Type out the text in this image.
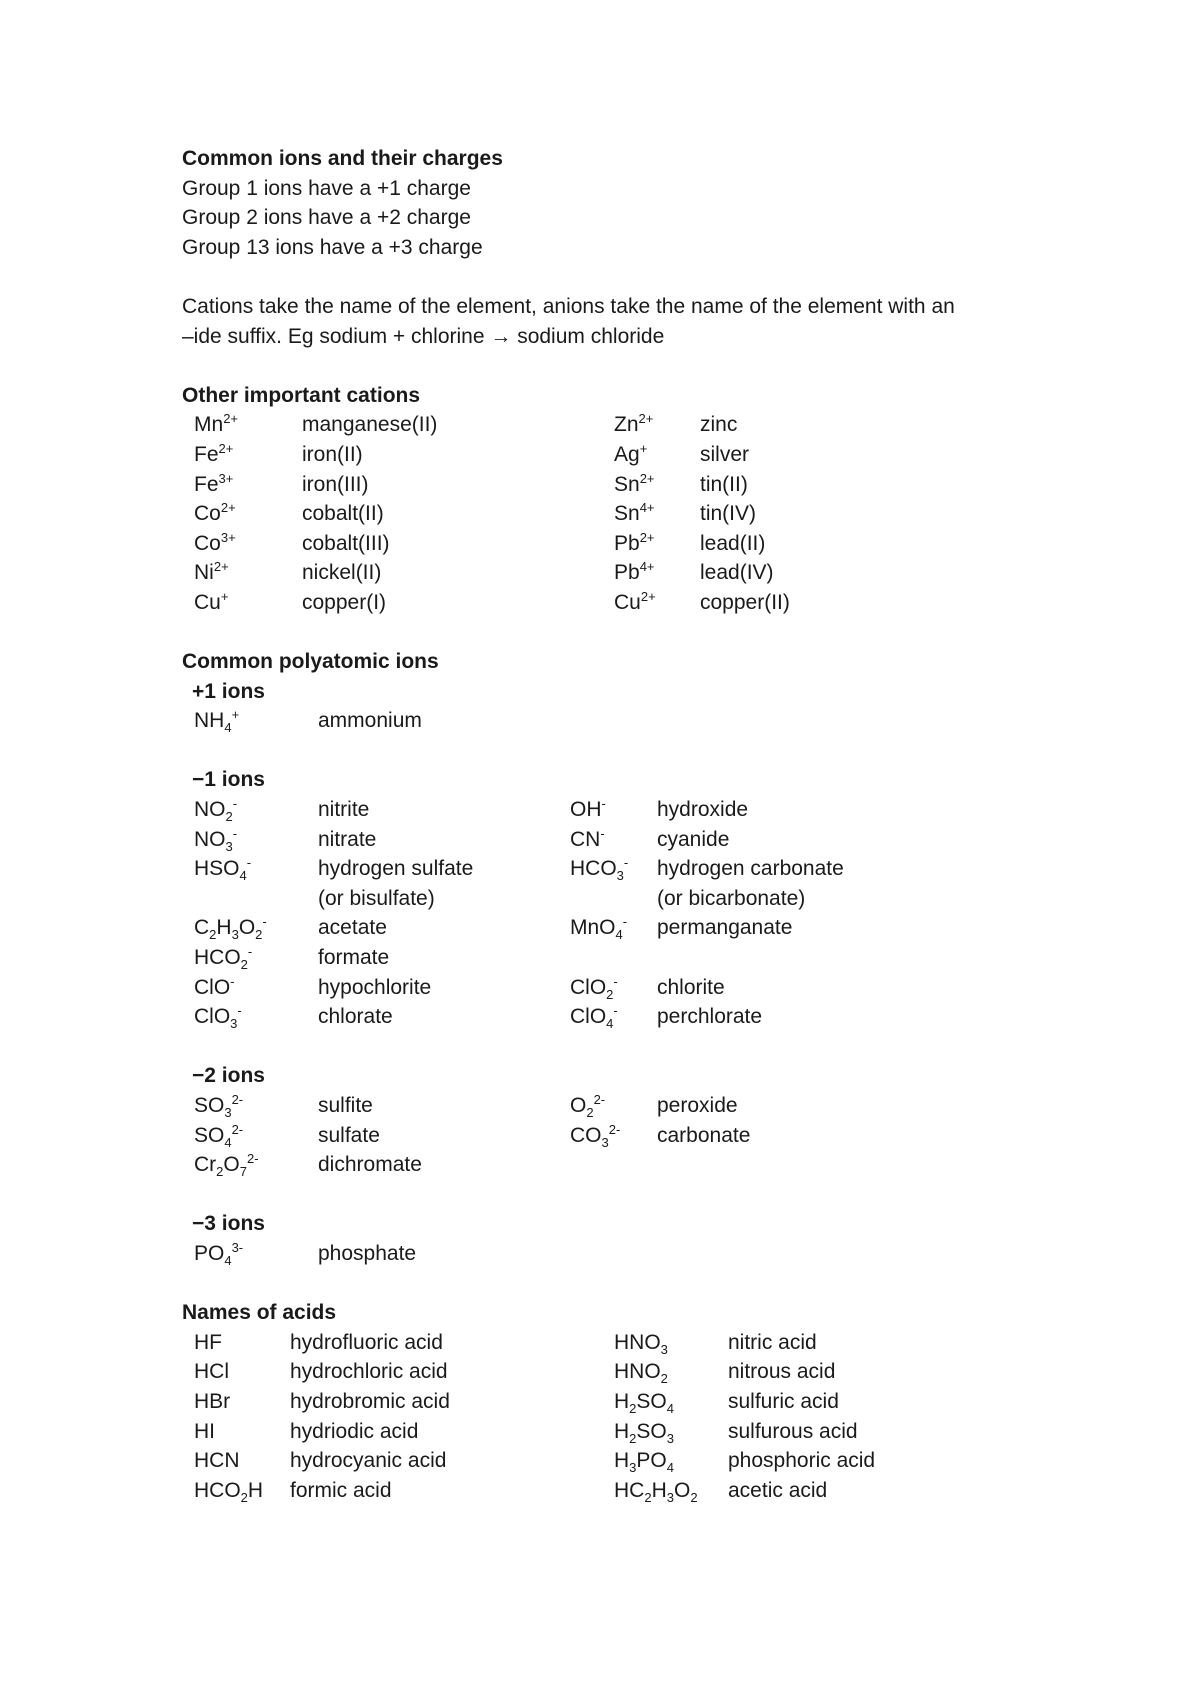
Common ions and their charges
Group 1 ions have a +1 charge
Group 2 ions have a +2 charge
Group 13 ions have a +3 charge
Cations take the name of the element, anions take the name of the element with an
–ide suffix. Eg sodium + chlorine → sodium chloride
Other important cations
$Mn^{2+}$	manganese(II)	$Zn^{2+}$ zinc
$Fe^{2+}$	iron(II)	Ag+	silver
$Fe^{3+}$	iron(III)	$Sn^{2+}$ tin(II)
$Co^{2+}$	cobalt(II)	$Sn^{4+}$ tin(IV)
$Co^{3+}$	cobalt(III)	$Pb^{2+}$ lead(II)
$Ni^{2+}$	nickel(II)	$Pb^{4+}$ lead(IV)
Cu+	copper(I)	$Cu^{2+}$ copper(II)
Common polyatomic ions
+1 ions
$NH_4^+$	ammonium
−1 ions
$NO_2^-$	nitrite	OH- hydroxide
$NO_3^-$	nitrate	CN- cyanide
$HSO_4^-$	hydrogen sulfate	$HCO_3^-$ hydrogen carbonate
(or bisulfate)	(or bicarbonate)
$C_2H_3O_2^-$ acetate	MnO$_4$- permanganate
$HCO_2^-$	formate
ClO-	hypochlorite	ClO$_2$- chlorite
ClO$_3$-	chlorate	ClO$_4$- perchlorate
−2 ions
$SO_3^{2-}$	sulfite	$O_2^{2-}$ peroxide
$SO_4^{2-}$	sulfate	$CO_3^{2-}$ carbonate
$Cr_2O_7^{2-}$	dichromate
−3 ions
$PO_4^{3-}$	phosphate
Names of acids
HF	hydrofluoric acid	$HNO_3$	nitric acid
HCl	hydrochloric acid	$HNO_2$	nitrous acid
HBr	hydrobromic acid	$H_2SO_4$	sulfuric acid
HI	hydriodic acid	$H_2SO_3$	sulfurous acid
HCN hydrocyanic acid	$H_3PO_4$	phosphoric acid
$HCO_2H$ formic acid	$HC_2H_3O_2$ acetic acid
